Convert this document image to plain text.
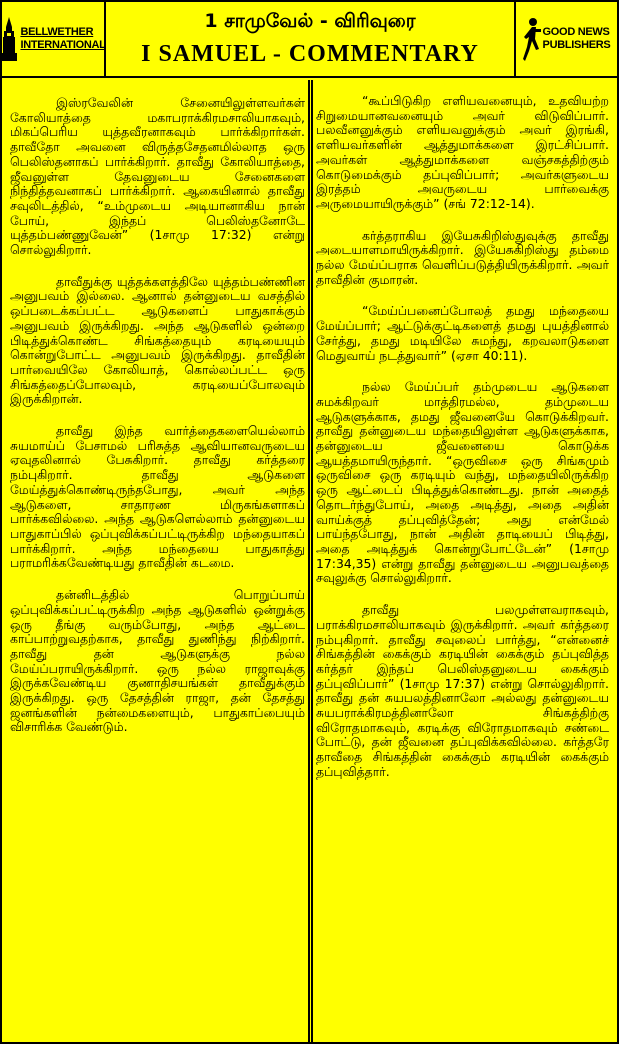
BELLWETHER
INTERNATIONAL
1 சாமுவேல் - விரிவுரை
I SAMUEL - COMMENTARY
GOOD NEWS
PUBLISHERS

இஸ்ரவேலின் சேனையிலுள்ளவர்கள் கோலியாத்தை மகாபராக்கிரமசாலியாகவும், மிகப்பெரிய யுத்தவீரனாகவும் பார்க்கிறார்கள். தாவீதோ அவனை விருத்தசேதனமில்லாத ஒரு பெலிஸ்தனாகப் பார்க்கிறார். தாவீது கோலியாத்தை, ஜீவனுள்ள தேவனுடைய சேனைகளை நிந்தித்தவனாகப் பார்க்கிறார். ஆகையினால் தாவீது சவுலிடத்தில், “உம்முடைய அடியானாகிய நான் போய், இந்தப் பெலிஸ்தனோடே யுத்தம்பண்ணுவேன்” (1சாமு 17:32) என்று சொல்லுகிறார்.

தாவீதுக்கு யுத்தக்களத்திலே யுத்தம்பண்ணின அனுபவம் இல்லை. ஆனால் தன்னுடைய வசத்தில் ஒப்படைக்கப்பட்ட ஆடுகளைப் பாதுகாக்கும் அனுபவம் இருக்கிறது. அந்த ஆடுகளில் ஒன்றை பிடித்துக்கொண்ட சிங்கத்தையும் கரடியையும் கொன்றுபோட்ட அனுபவம் இருக்கிறது. தாவீதின் பார்வையிலே கோலியாத், கொல்லப்பட்ட ஒரு சிங்கத்தைப்போலவும், கரடியைப்போலவும் இருக்கிறான்.

தாவீது இந்த வார்த்தைகளையெல்லாம் சுயமாய்ப் பேசாமல் பரிசுத்த ஆவியானவருடைய ஏவுதலினால் பேசுகிறார். தாவீது கர்த்தரை நம்புகிறார். தாவீது ஆடுகளை மேய்த்துக்கொண்டிருந்தபோது, அவர் அந்த ஆடுகளை, சாதாரண மிருகங்களாகப் பார்க்கவில்லை. அந்த ஆடுகளெல்லாம் தன்னுடைய பாதுகாப்பில் ஒப்புவிக்கப்பட்டிருக்கிற மந்தையாகப் பார்க்கிறார். அந்த மந்தையை பாதுகாத்து பராமரிக்கவேண்டியது தாவீதின் கடமை.

தன்னிடத்தில் பொறுப்பாய் ஒப்புவிக்கப்பட்டிருக்கிற அந்த ஆடுகளில் ஒன்றுக்கு ஒரு தீங்கு வரும்போது, அந்த ஆட்டை காப்பாற்றுவதற்காக, தாவீது துணிந்து நிற்கிறார். தாவீது தன் ஆடுகளுக்கு நல்ல மேய்ப்பராயிருக்கிறார். ஒரு நல்ல ராஜாவுக்கு இருக்கவேண்டிய குணாதிசயங்கள் தாவீதுக்கும் இருக்கிறது. ஒரு தேசத்தின் ராஜா, தன் தேசத்து ஜனங்களின் நன்மைகளையும், பாதுகாப்பையும் விசாரிக்க வேண்டும்.

“கூப்பிடுகிற எளியவனையும், உதவியற்ற சிறுமையானவனையும் அவர் விடுவிப்பார். பலவீனனுக்கும் எளியவனுக்கும் அவர் இரங்கி, எளியவர்களின் ஆத்துமாக்களை இரட்சிப்பார். அவர்கள் ஆத்துமாக்களை வஞ்சகத்திற்கும் கொடுமைக்கும் தப்புவிப்பார்; அவர்களுடைய இரத்தம் அவருடைய பார்வைக்கு அருமையாயிருக்கும்” (சங் 72:12-14).

கர்த்தராகிய இயேசுகிறிஸ்துவுக்கு தாவீது அடையாளமாயிருக்கிறார். இயேசுகிறிஸ்து தம்மை நல்ல மேய்ப்பராக வெளிப்படுத்தியிருக்கிறார். அவர் தாவீதின் குமாரன்.

“மேய்ப்பனைப்போலத் தமது மந்தையை மேய்ப்பார்; ஆட்டுக்குட்டிகளைத் தமது புயத்தினால் சேர்த்து, தமது மடியிலே சுமந்து, கறவலாடுகளை மெதுவாய் நடத்துவார்” (ஏசா 40:11).

நல்ல மேய்ப்பர் தம்முடைய ஆடுகளை சுமக்கிறவர் மாத்திரமல்ல, தம்முடைய ஆடுகளுக்காக, தமது ஜீவனையே கொடுக்கிறவர். தாவீது தன்னுடைய மந்தையிலுள்ள ஆடுகளுக்காக, தன்னுடைய ஜீவனையை கொடுக்க ஆயத்தமாயிருந்தார். “ஒருவிசை ஒரு சிங்கமும் ஒருவிசை ஒரு கரடியும் வந்து, மந்தையிலிருக்கிற ஒரு ஆட்டைப் பிடித்துக்கொண்டது. நான் அதைத் தொடர்ந்துபோய், அதை அடித்து, அதை அதின் வாய்க்குத் தப்புவித்தேன்; அது என்மேல் பாய்ந்தபோது, நான் அதின் தாடியைப் பிடித்து, அதை அடித்துக் கொன்றுபோட்டேன்” (1சாமு 17:34,35) என்று தாவீது தன்னுடைய அனுபவத்தை சவுலுக்கு சொல்லுகிறார்.

தாவீது பலமுள்ளவராகவும், பராக்கிரமசாலியாகவும் இருக்கிறார். அவர் கர்த்தரை நம்புகிறார். தாவீது சவுலைப் பார்த்து, “என்னைச் சிங்கத்தின் கைக்கும் கரடியின் கைக்கும் தப்புவித்த கர்த்தர் இந்தப் பெலிஸ்தனுடைய கைக்கும் தப்புவிப்பார்” (1சாமு 17:37) என்று சொல்லுகிறார். தாவீது தன் சுயபலத்தினாலோ அல்லது தன்னுடைய சுயபராக்கிரமத்தினாலோ சிங்கத்திற்கு விரோதமாகவும், கரடிக்கு விரோதமாகவும் சண்டை போட்டு, தன் ஜீவனை தப்புவிக்கவில்லை. கர்த்தரே தாவீதை சிங்கத்தின் கைக்கும் கரடியின் கைக்கும் தப்புவித்தார்.
